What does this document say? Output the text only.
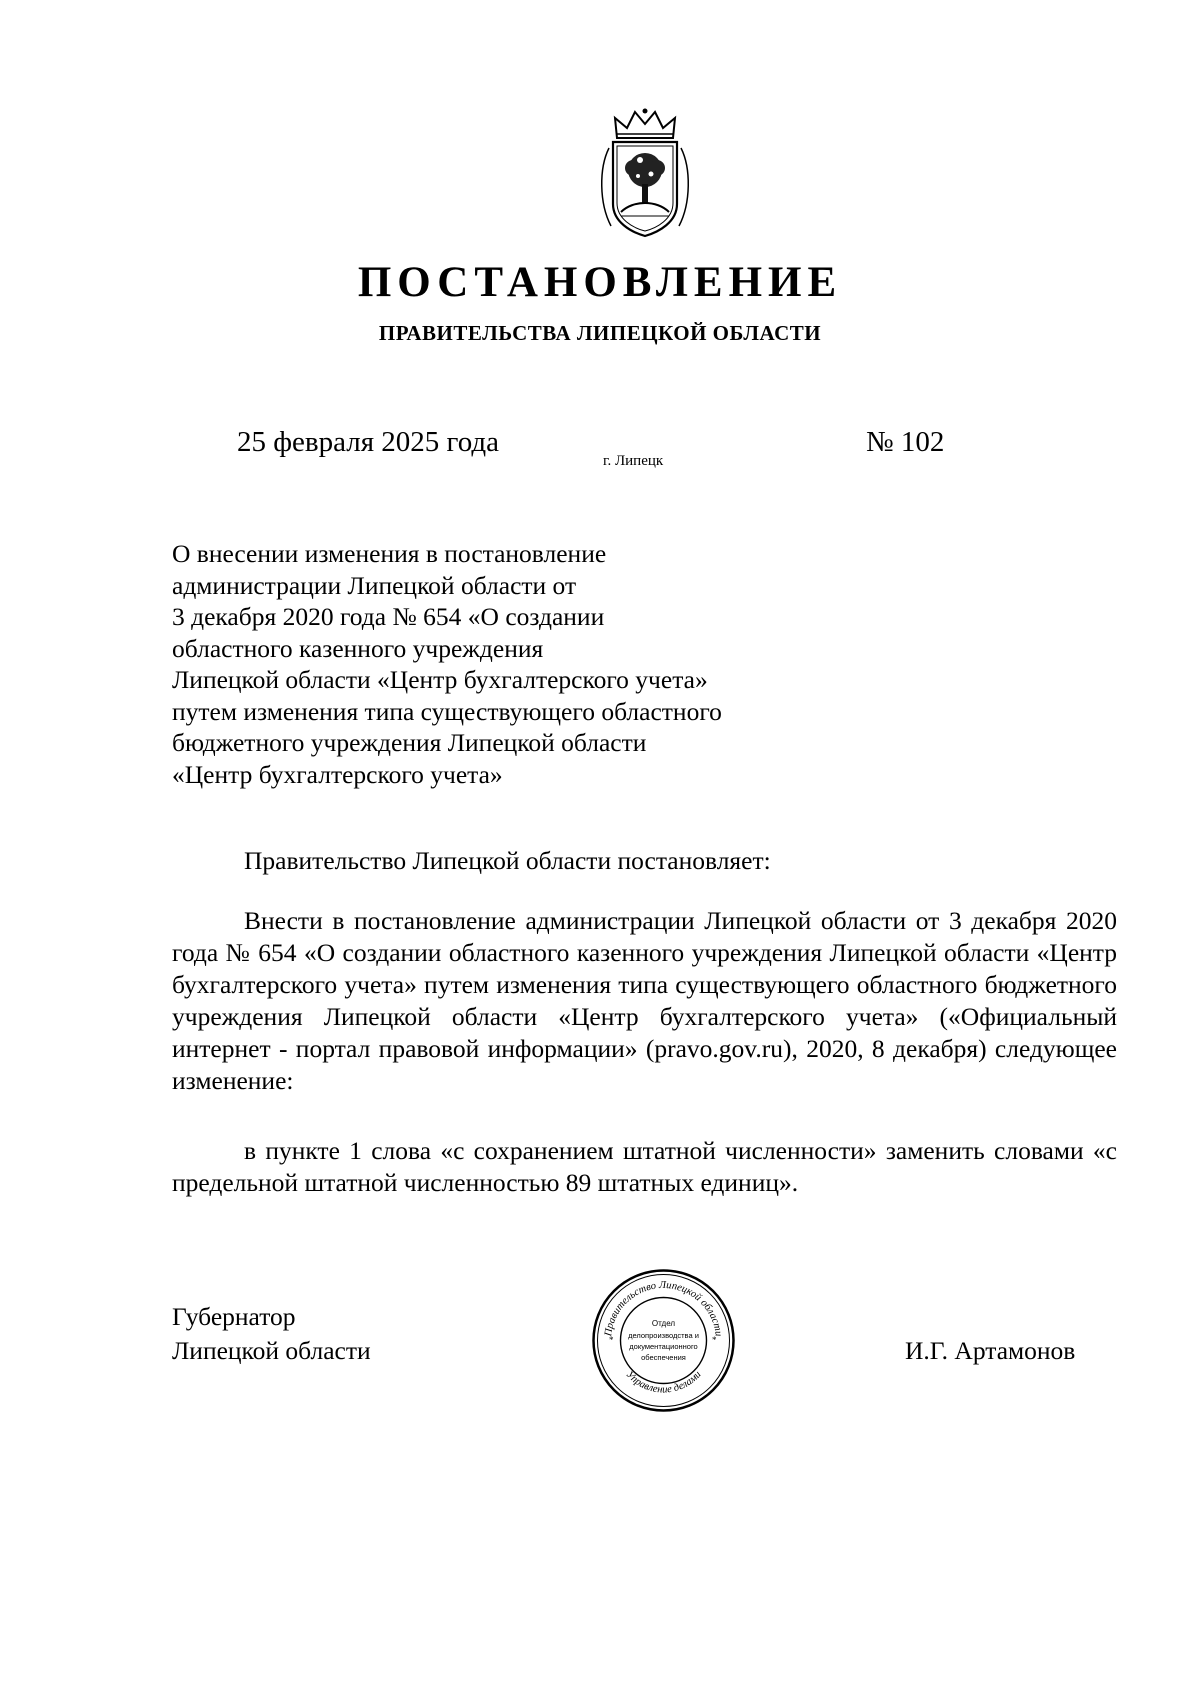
ПОСТАНОВЛЕНИЕ
ПРАВИТЕЛЬСТВА ЛИПЕЦКОЙ ОБЛАСТИ
25 февраля 2025 года
г. Липецк
№ 102
О внесении изменения в постановление
администрации Липецкой области от
3 декабря 2020 года № 654 «О создании
областного казенного учреждения
Липецкой области «Центр бухгалтерского учета»
путем изменения типа существующего областного
бюджетного учреждения Липецкой области
«Центр бухгалтерского учета»
Правительство Липецкой области постановляет:
Внести в постановление администрации Липецкой области от 3 декабря 2020 года № 654 «О создании областного казенного учреждения Липецкой области «Центр бухгалтерского учета» путем изменения типа существующего областного бюджетного учреждения Липецкой области «Центр бухгалтерского учета» («Официальный интернет - портал правовой информации» (pravo.gov.ru), 2020, 8 декабря) следующее изменение:
в пункте 1 слова «с сохранением штатной численности» заменить словами «с предельной штатной численностью 89 штатных единиц».
Губернатор
Липецкой области	И.Г. Артамонов
Правительство Липецкой области
Управление делами
*	*
Отдел
делопроизводства и
документационного
обеспечения
